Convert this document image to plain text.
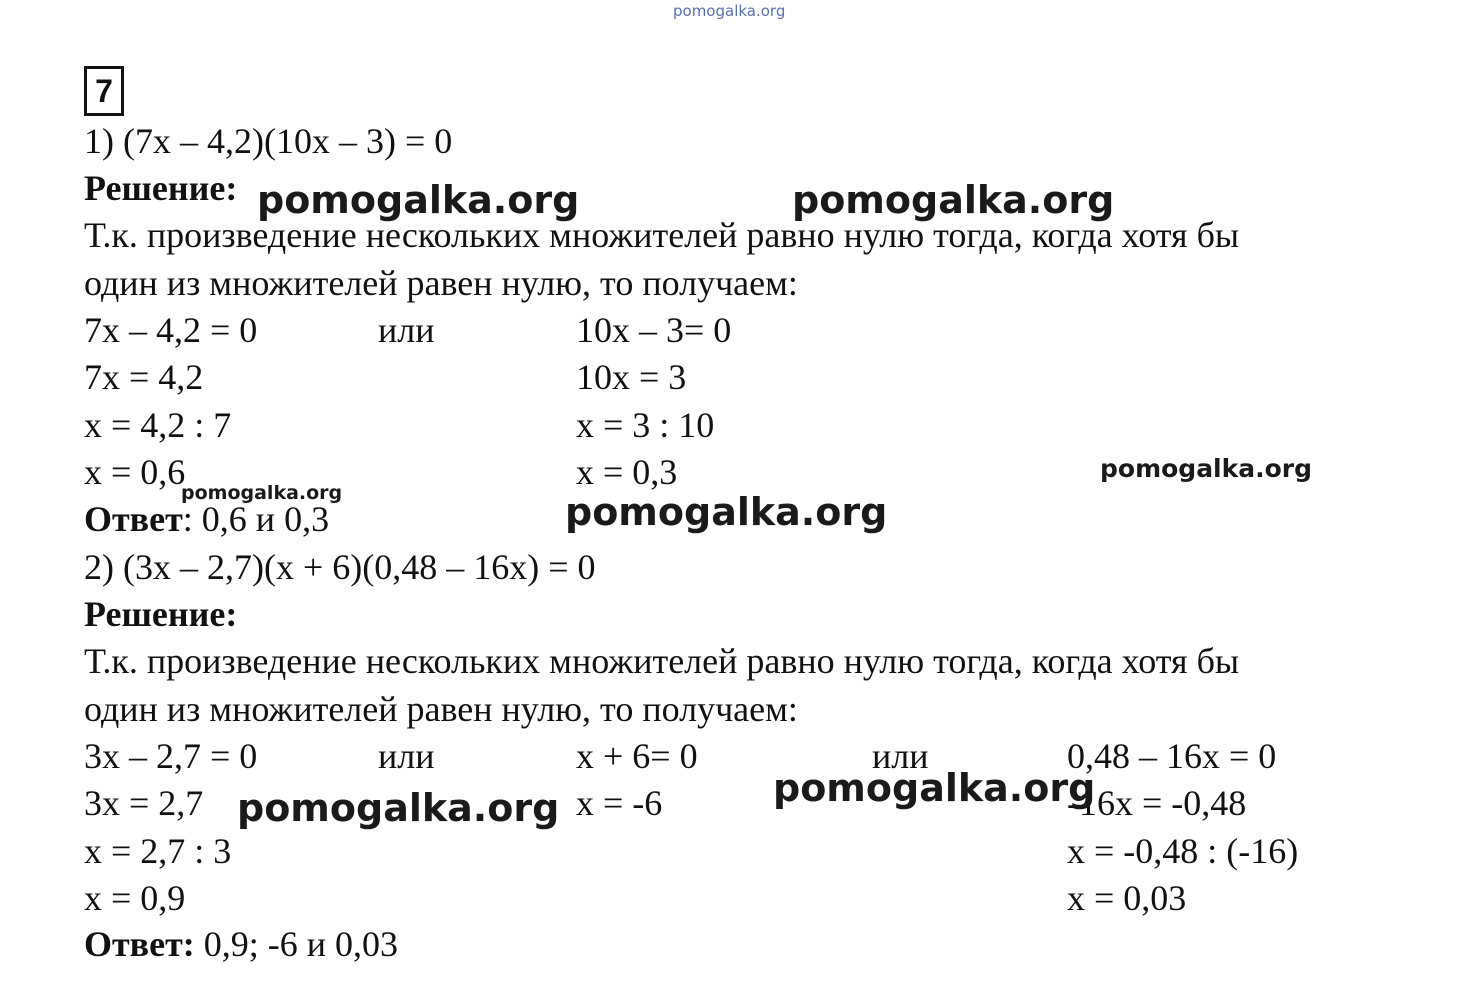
pomogalka.org
7
1) (7x – 4,2)(10x – 3) = 0
Решение:
Т.к. произведение нескольких множителей равно нулю тогда, когда хотя бы
один из множителей равен нулю, то получаем:
7x – 4,2 = 0	или	10x – 3= 0
7x = 4,2	10x = 3
x = 4,2 : 7	x = 3 : 10
x = 0,6	x = 0,3
Ответ: 0,6 и 0,3
2) (3x – 2,7)(x + 6)(0,48 – 16x) = 0
Решение:
Т.к. произведение нескольких множителей равно нулю тогда, когда хотя бы
один из множителей равен нулю, то получаем:
3x – 2,7 = 0	или	x + 6= 0	или	0,48 – 16x = 0
3x = 2,7	x = -6	-16x = -0,48
x = 2,7 : 3	x = -0,48 : (-16)
x = 0,9	x = 0,03
Ответ: 0,9; -6 и 0,03
pomogalka.org	pomogalka.org
pomogalka.org
pomogalka.org	pomogalka.org
pomogalka.org	pomogalka.org
